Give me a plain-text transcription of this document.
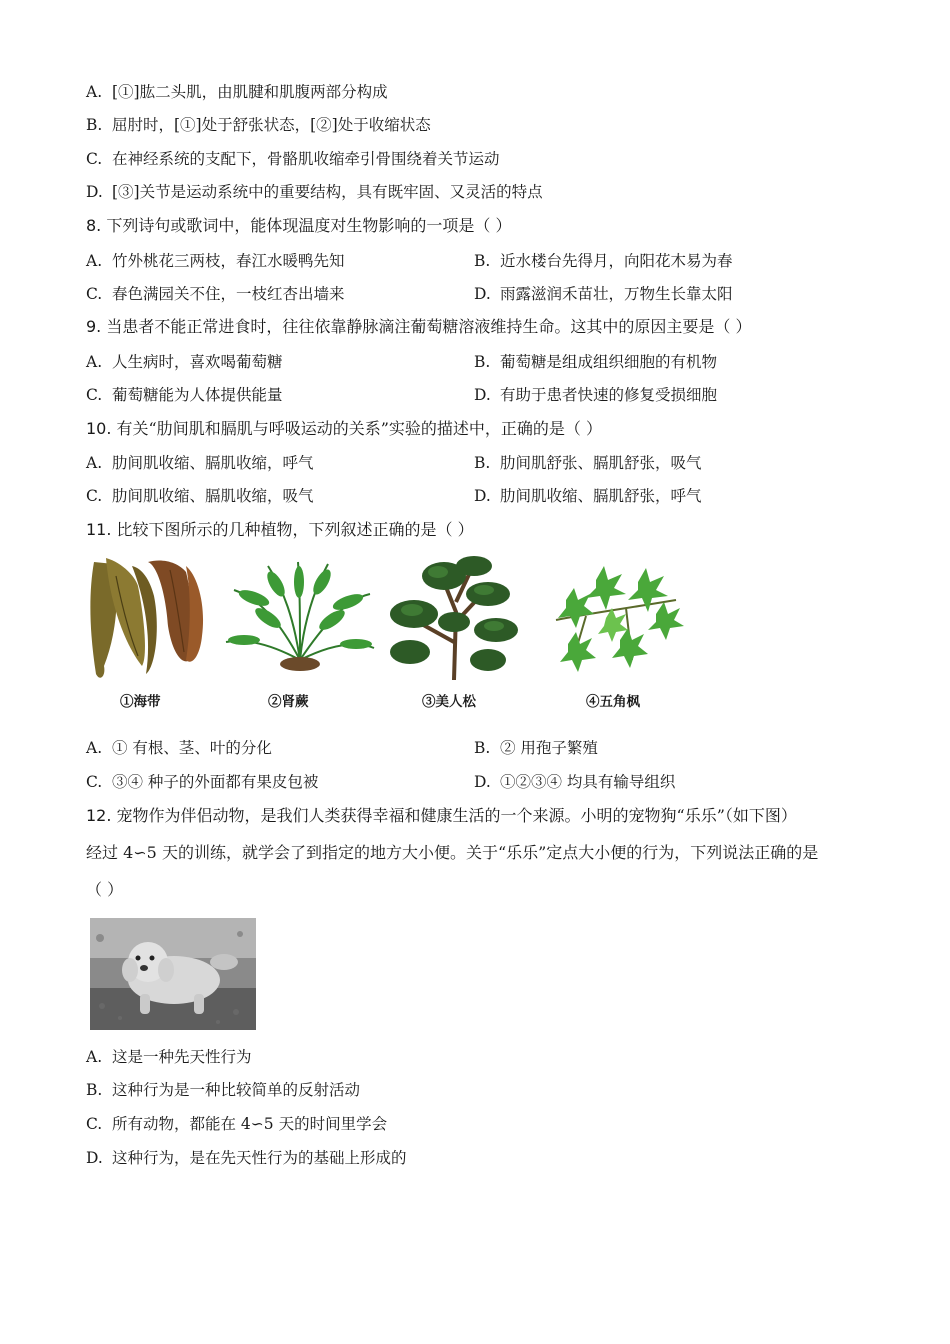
A. [①]肱二头肌，由肌腱和肌腹两部分构成
B. 屈肘时，[①]处于舒张状态，[②]处于收缩状态
C. 在神经系统的支配下，骨骼肌收缩牵引骨围绕着关节运动
D. [③]关节是运动系统中的重要结构，具有既牢固、又灵活的特点
8. 下列诗句或歌词中，能体现温度对生物影响的一项是（ ）
A. 竹外桃花三两枝，春江水暖鸭先知	B. 近水楼台先得月，向阳花木易为春
C. 春色满园关不住，一枝红杏出墙来	D. 雨露滋润禾苗壮，万物生长靠太阳
9. 当患者不能正常进食时，往往依靠静脉滴注葡萄糖溶液维持生命。这其中的原因主要是（ ）
A. 人生病时，喜欢喝葡萄糖	B. 葡萄糖是组成组织细胞的有机物
C. 葡萄糖能为人体提供能量	D. 有助于患者快速的修复受损细胞
10. 有关“肋间肌和膈肌与呼吸运动的关系”实验的描述中，正确的是（ ）
A. 肋间肌收缩、膈肌收缩，呼气	B. 肋间肌舒张、膈肌舒张，吸气
C. 肋间肌收缩、膈肌收缩，吸气	D. 肋间肌收缩、膈肌舒张，呼气
11. 比较下图所示的几种植物，下列叙述正确的是（ ）
①海带	②肾蕨	③美人松	④五角枫
A. ① 有根、茎、叶的分化	B. ② 用孢子繁殖
C. ③④ 种子的外面都有果皮包被	D. ①②③④ 均具有输导组织
12. 宠物作为伴侣动物，是我们人类获得幸福和健康生活的一个来源。小明的宠物狗“乐乐”（如下图）
经过 4∽5 天的训练，就学会了到指定的地方大小便。关于“乐乐”定点大小便的行为，下列说法正确的是
（ ）
A. 这是一种先天性行为
B. 这种行为是一种比较简单的反射活动
C. 所有动物，都能在 4∽5 天的时间里学会
D. 这种行为，是在先天性行为的基础上形成的
